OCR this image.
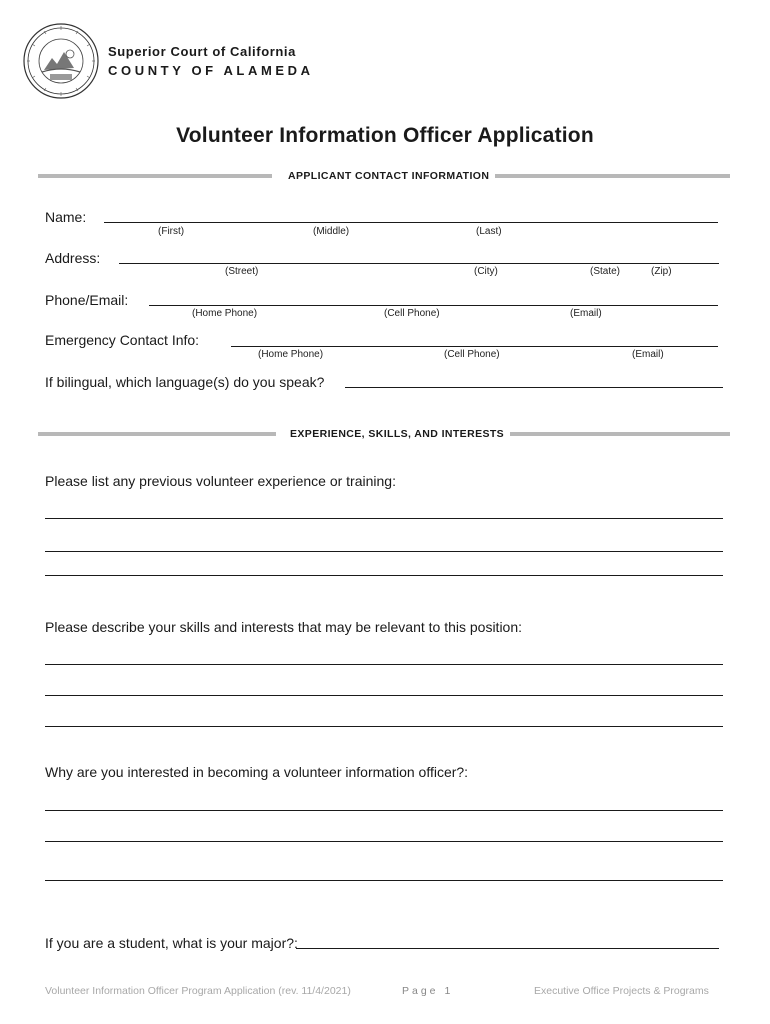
Superior Court of California
COUNTY OF ALAMEDA
Volunteer Information Officer Application
APPLICANT CONTACT INFORMATION
Name:
(First)	(Middle)	(Last)
Address:
(Street)	(City)	(State)	(Zip)
Phone/Email:
(Home Phone)	(Cell Phone)	(Email)
Emergency Contact Info:
(Home Phone)	(Cell Phone)	(Email)
If bilingual, which language(s) do you speak?
EXPERIENCE, SKILLS, AND INTERESTS
Please list any previous volunteer experience or training:
Please describe your skills and interests that may be relevant to this position:
Why are you interested in becoming a volunteer information officer?:
If you are a student, what is your major?:
Volunteer Information Officer Program Application (rev. 11/4/2021)	Page 1	Executive Office Projects & Programs
